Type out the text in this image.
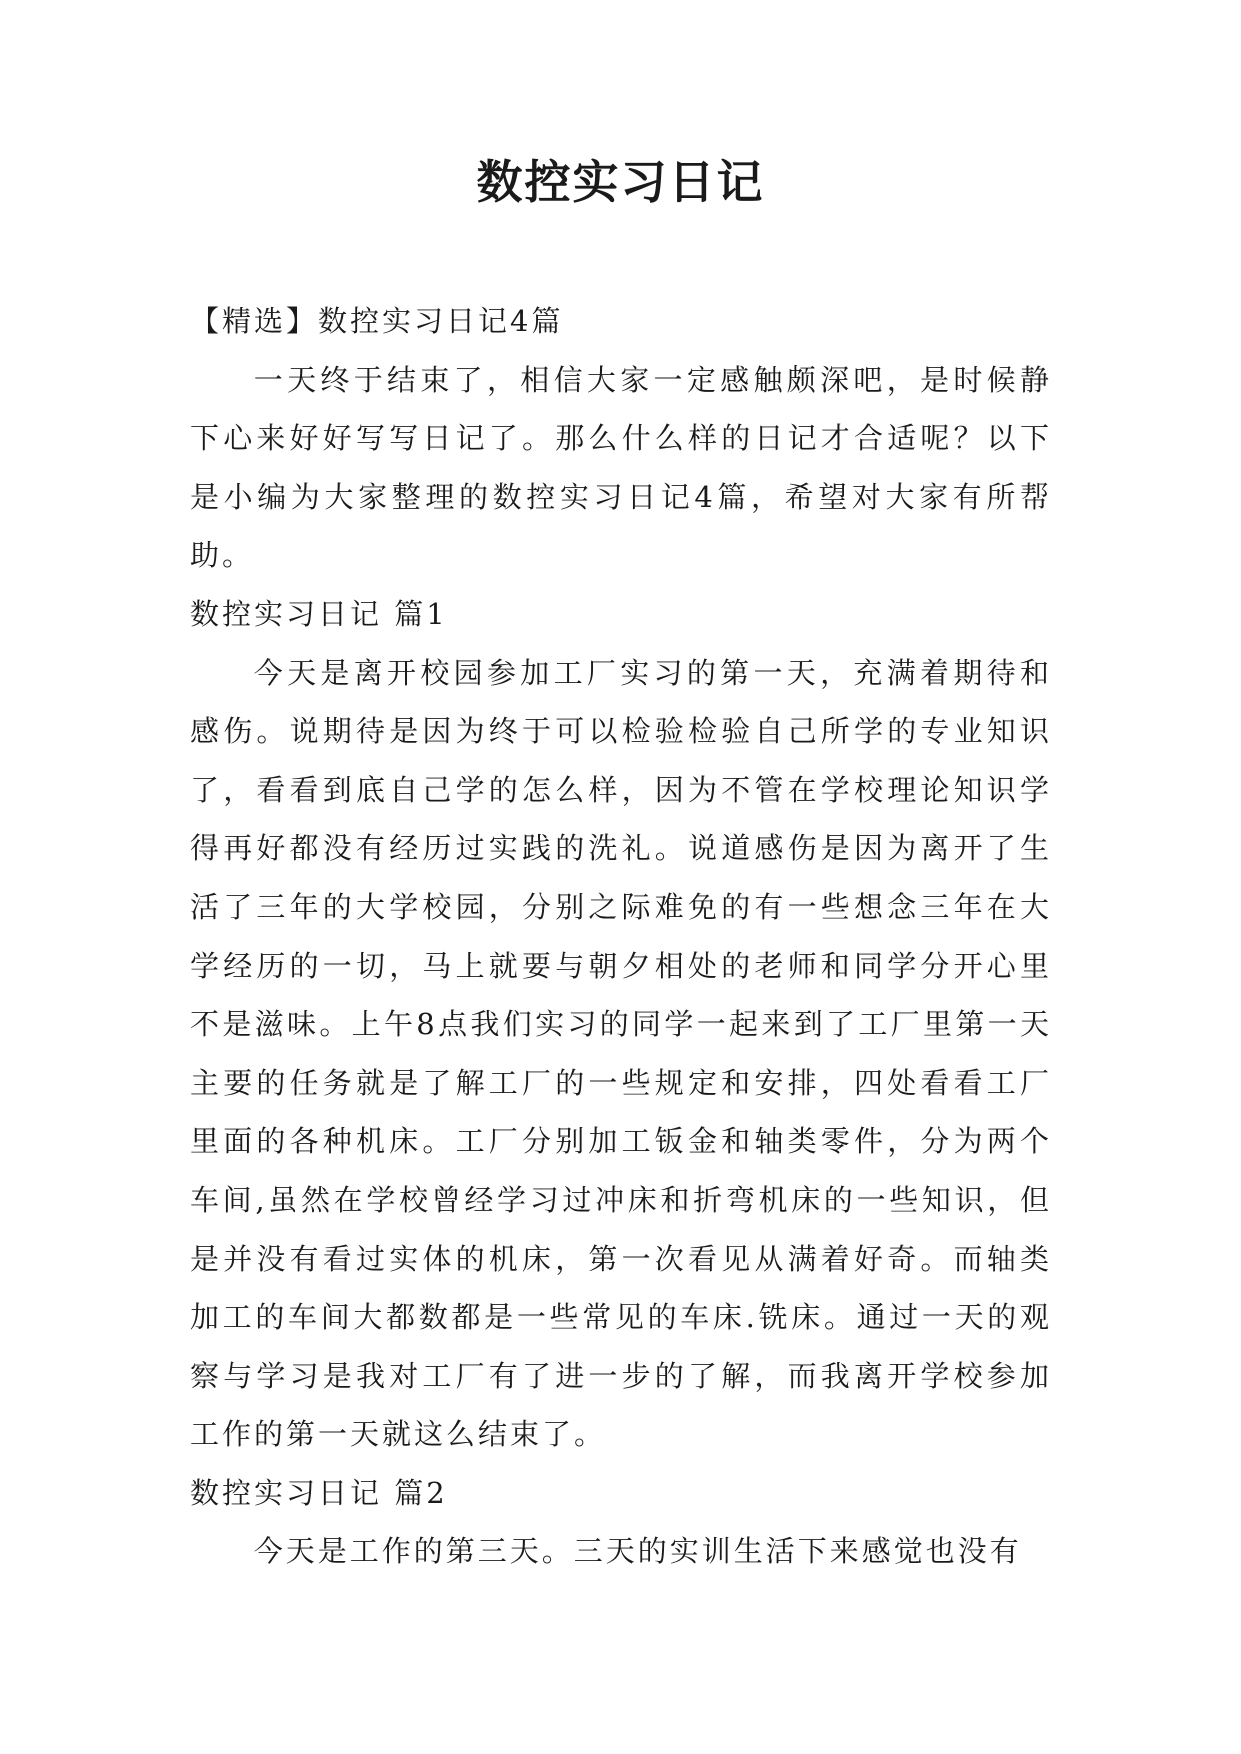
数控实习日记

【精选】数控实习日记4篇

一天终于结束了，相信大家一定感触颇深吧，是时候静下心来好好写写日记了。那么什么样的日记才合适呢？以下是小编为大家整理的数控实习日记4篇，希望对大家有所帮助。

数控实习日记 篇1

今天是离开校园参加工厂实习的第一天，充满着期待和感伤。说期待是因为终于可以检验检验自己所学的专业知识了，看看到底自己学的怎么样，因为不管在学校理论知识学得再好都没有经历过实践的洗礼。说道感伤是因为离开了生活了三年的大学校园，分别之际难免的有一些想念三年在大学经历的一切，马上就要与朝夕相处的老师和同学分开心里不是滋味。上午8点我们实习的同学一起来到了工厂里第一天主要的任务就是了解工厂的一些规定和安排，四处看看工厂里面的各种机床。工厂分别加工钣金和轴类零件，分为两个车间,虽然在学校曾经学习过冲床和折弯机床的一些知识，但是并没有看过实体的机床，第一次看见从满着好奇。而轴类加工的车间大都数都是一些常见的车床.铣床。通过一天的观察与学习是我对工厂有了进一步的了解，而我离开学校参加工作的第一天就这么结束了。

数控实习日记 篇2

今天是工作的第三天。三天的实训生活下来感觉也没有
